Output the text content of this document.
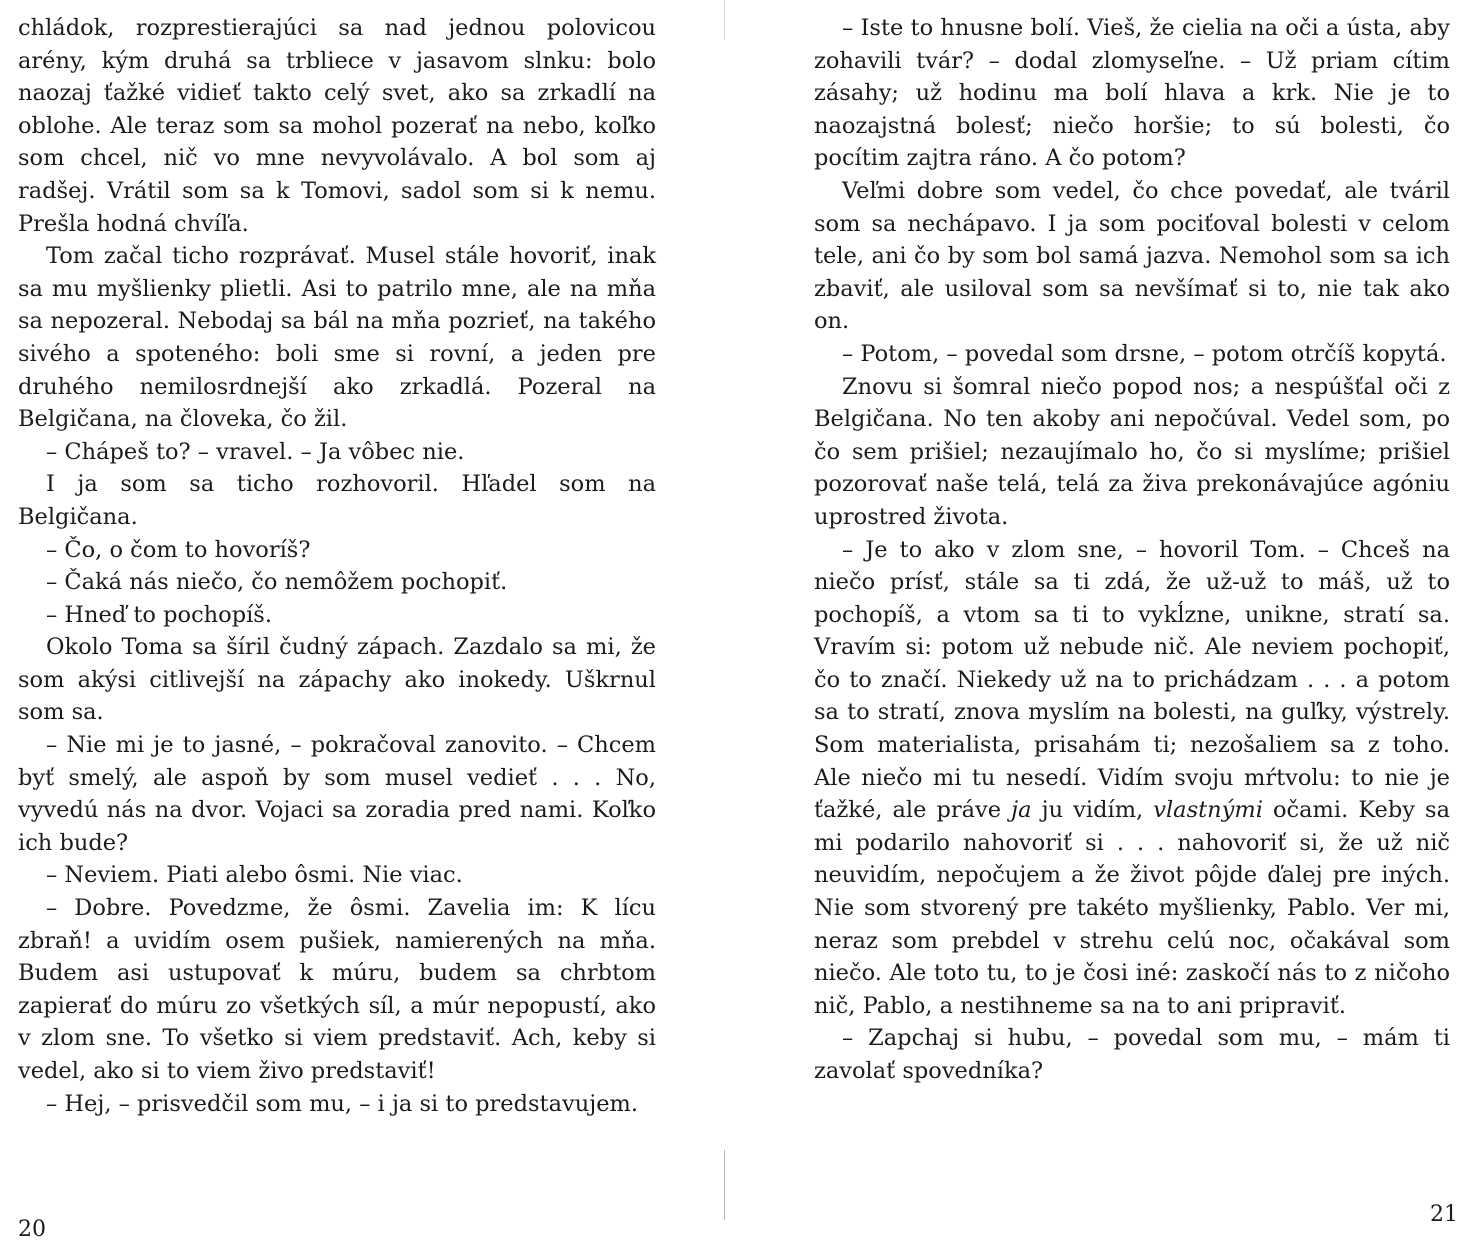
chládok, rozprestierajúci sa nad jednou polovicou arény, kým druhá sa trbliece v jasavom slnku: bolo naozaj ťažké vidieť takto celý svet, ako sa zrkadlí na oblohe. Ale teraz som sa mohol pozerať na nebo, koľko som chcel, nič vo mne nevyvolávalo. A bol som aj radšej. Vrátil som sa k Tomovi, sadol som si k nemu. Prešla hodná chvíľa.

Tom začal ticho rozprávať. Musel stále hovoriť, inak sa mu myšlienky plietli. Asi to patrilo mne, ale na mňa sa nepozeral. Nebodaj sa bál na mňa pozrieť, na takého sivého a spoteného: boli sme si rovní, a jeden pre druhého nemilosrdnejší ako zrkadlá. Pozeral na Belgičana, na človeka, čo žil.

– Chápeš to? – vravel. – Ja vôbec nie.

I ja som sa ticho rozhovoril. Hľadel som na Belgičana.

– Čo, o čom to hovoríš?

– Čaká nás niečo, čo nemôžem pochopiť.

– Hneď to pochopíš.

Okolo Toma sa šíril čudný zápach. Zazdalo sa mi, že som akýsi citlivejší na zápachy ako inokedy. Uškrnul som sa.

– Nie mi je to jasné, – pokračoval zanovito. – Chcem byť smelý, ale aspoň by som musel vedieť . . . No, vyvedú nás na dvor. Vojaci sa zoradia pred nami. Koľko ich bude?

– Neviem. Piati alebo ôsmi. Nie viac.

– Dobre. Povedzme, že ôsmi. Zavelia im: K lícu zbraň! a uvidím osem pušiek, namierených na mňa. Budem asi ustupovať k múru, budem sa chrbtom zapierať do múru zo všetkých síl, a múr nepopustí, ako v zlom sne. To všetko si viem predstaviť. Ach, keby si vedel, ako si to viem živo predstaviť!

– Hej, – prisvedčil som mu, – i ja si to predstavujem.

20

– Iste to hnusne bolí. Vieš, že cielia na oči a ústa, aby zohavili tvár? – dodal zlomyseľne. – Už priam cítim zásahy; už hodinu ma bolí hlava a krk. Nie je to naozajstná bolesť; niečo horšie; to sú bolesti, čo pocítim zajtra ráno. A čo potom?

Veľmi dobre som vedel, čo chce povedať, ale tváril som sa nechápavo. I ja som pociťoval bolesti v celom tele, ani čo by som bol samá jazva. Nemohol som sa ich zbaviť, ale usiloval som sa nevšímať si to, nie tak ako on.

– Potom, – povedal som drsne, – potom otrčíš kopytá.

Znovu si šomral niečo popod nos; a nespúšťal oči z Belgičana. No ten akoby ani nepočúval. Vedel som, po čo sem prišiel; nezaujímalo ho, čo si myslíme; prišiel pozorovať naše telá, telá za živa prekonávajúce agóniu uprostred života.

– Je to ako v zlom sne, – hovoril Tom. – Chceš na niečo prísť, stále sa ti zdá, že už-už to máš, už to pochopíš, a vtom sa ti to vykĺzne, unikne, stratí sa. Vravím si: potom už nebude nič. Ale neviem pochopiť, čo to značí. Niekedy už na to prichádzam . . . a potom sa to stratí, znova myslím na bolesti, na guľky, výstrely. Som materialista, prisahám ti; nezošaliem sa z toho. Ale niečo mi tu nesedí. Vidím svoju mŕtvolu: to nie je ťažké, ale práve ja ju vidím, vlastnými očami. Keby sa mi podarilo nahovoriť si . . . nahovoriť si, že už nič neuvidím, nepočujem a že život pôjde ďalej pre iných. Nie som stvorený pre takéto myšlienky, Pablo. Ver mi, neraz som prebdel v strehu celú noc, očakával som niečo. Ale toto tu, to je čosi iné: zaskočí nás to z ničoho nič, Pablo, a nestihneme sa na to ani pripraviť.

– Zapchaj si hubu, – povedal som mu, – mám ti zavolať spovedníka?

21
